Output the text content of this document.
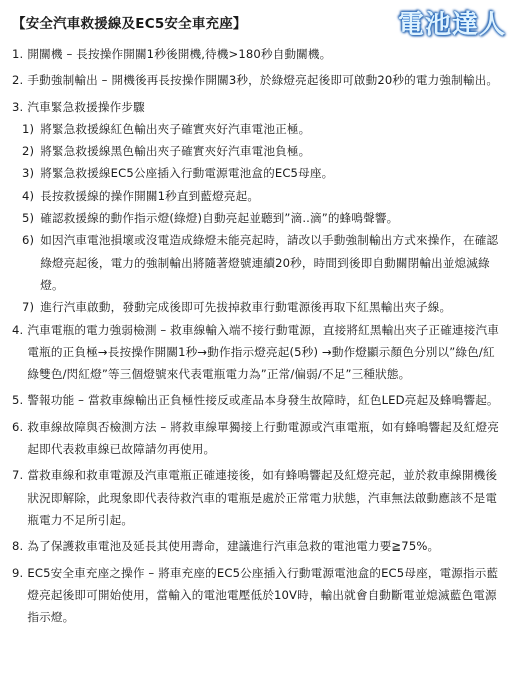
【安全汽車救援線及EC5安全車充座】	電池達人
1. 開關機 – 長按操作開關1秒後開機,待機>180秒自動關機。
2. 手動強制輸出 – 開機後再長按操作開關3秒，於綠燈亮起後即可啟動20秒的電力強制輸出。
3. 汽車緊急救援操作步驟
1) 將緊急救援線紅色輸出夾子確實夾好汽車電池正極。
2) 將緊急救援線黑色輸出夾子確實夾好汽車電池負極。
3) 將緊急救援線EC5公座插入行動電源電池盒的EC5母座。
4) 長按救援線的操作開關1秒直到藍燈亮起。
5) 確認救援線的動作指示燈(綠燈)自動亮起並聽到”滴..滴”的蜂鳴聲響。
6) 如因汽車電池損壞或沒電造成綠燈未能亮起時，請改以手動強制輸出方式來操作，在確認綠燈亮起後，電力的強制輸出將隨著燈號連續20秒，時間到後即自動關閉輸出並熄滅綠燈。
7) 進行汽車啟動，發動完成後即可先拔掉救車行動電源後再取下紅黑輸出夾子線。
4. 汽車電瓶的電力強弱檢測 – 救車線輸入端不接行動電源，直接將紅黑輸出夾子正確連接汽車電瓶的正負極→長按操作開關1秒→動作指示燈亮起(5秒) →動作燈顯示顏色分別以”綠色/紅綠雙色/閃紅燈”等三個燈號來代表電瓶電力為”正常/偏弱/不足”三種狀態。
5. 警報功能 – 當救車線輸出正負極性接反或產品本身發生故障時，紅色LED亮起及蜂鳴響起。
6. 救車線故障與否檢測方法 – 將救車線單獨接上行動電源或汽車電瓶，如有蜂鳴響起及紅燈亮起即代表救車線已故障請勿再使用。
7. 當救車線和救車電源及汽車電瓶正確連接後，如有蜂鳴響起及紅燈亮起，並於救車線開機後狀況即解除，此現象即代表待救汽車的電瓶是處於正常電力狀態，汽車無法啟動應該不是電瓶電力不足所引起。
8. 為了保護救車電池及延長其使用壽命，建議進行汽車急救的電池電力要≧75%。
9. EC5安全車充座之操作 – 將車充座的EC5公座插入行動電源電池盒的EC5母座，電源指示藍燈亮起後即可開始使用，當輸入的電池電壓低於10V時，輸出就會自動斷電並熄滅藍色電源指示燈。
